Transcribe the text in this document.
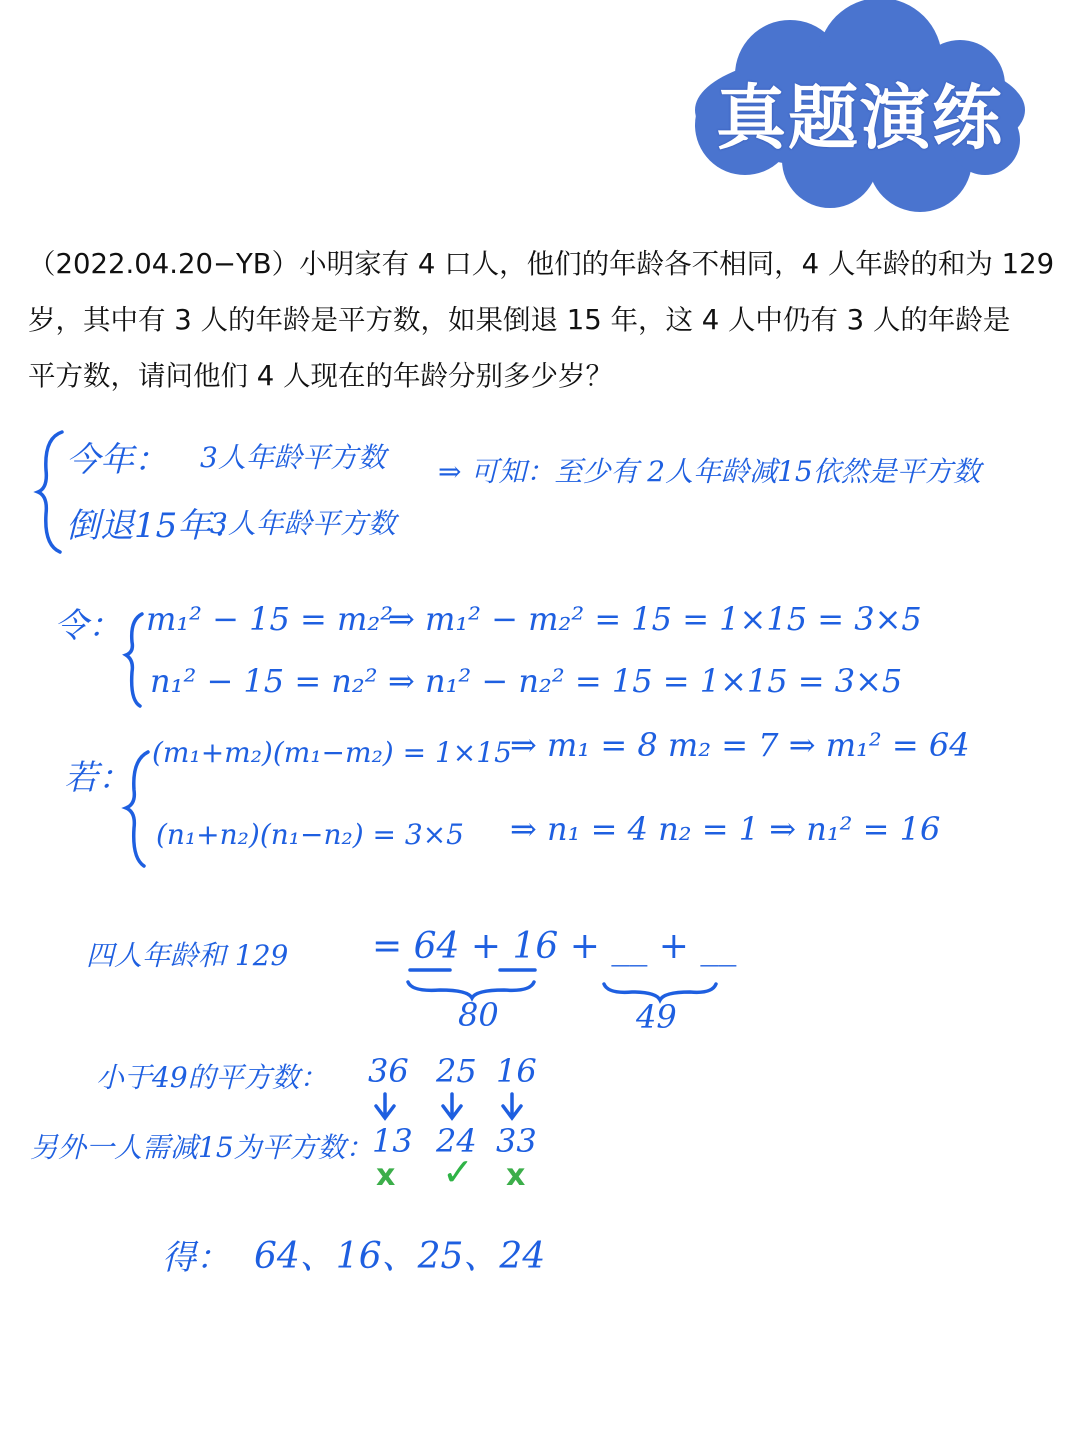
真题演练
（2022.04.20−YB）小明家有 4 口人，他们的年龄各不相同，4 人年龄的和为 129
岁，其中有 3 人的年龄是平方数，如果倒退 15 年，这 4 人中仍有 3 人的年龄是
平方数，请问他们 4 人现在的年龄分别多少岁？
今年： 3人年龄平方数
倒退15年：
3人年龄平方数
⇒ 可知：至少有 2人年龄减15依然是平方数
令： m₁² − 15 = m₂²
⇒ m₁² − m₂² = 15 = 1×15 = 3×5
n₁² − 15 = n₂² ⇒ n₁² − n₂² = 15 = 1×15 = 3×5
若：
(m₁+m₂)(m₁−m₂) = 1×15
⇒ m₁ = 8 m₂ = 7 ⇒ m₁² = 64
(n₁+n₂)(n₁−n₂) = 3×5 ⇒ n₁ = 4 n₂ = 1 ⇒ n₁² = 16
四人年龄和 129 = 64 + 16 + __ + __
80	49
小于49的平方数： 36 25 16
另外一人需减15为平方数：
13 24 33
x ✓ x
得： 64、16、25、24
